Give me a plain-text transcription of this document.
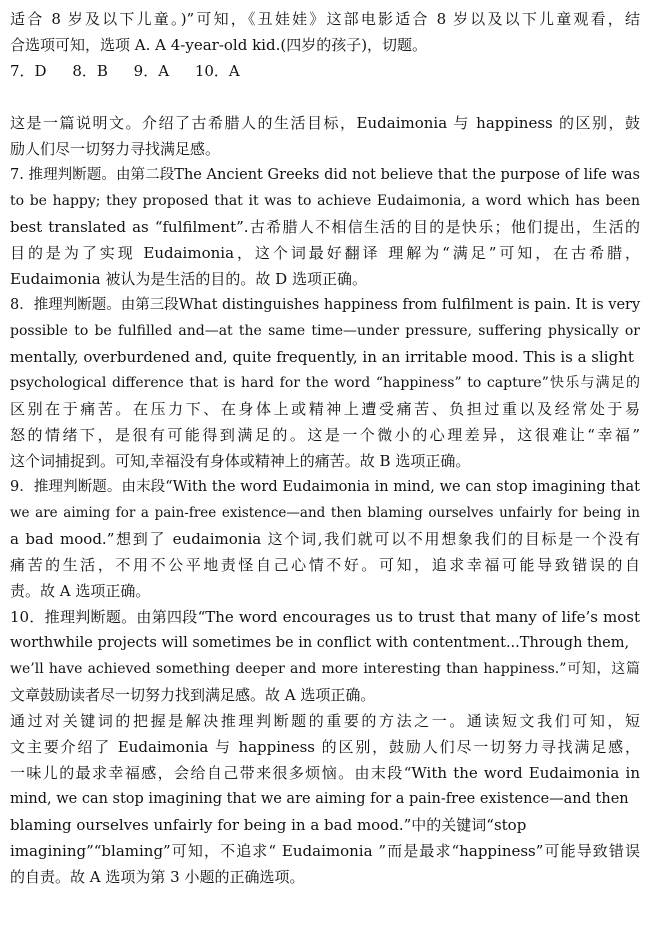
适合 8 岁及以下儿童。)”可知，《丑娃娃》这部电影适合 8 岁以及以下儿童观看，结
合选项可知，选项 A. A 4-year-old kid.(四岁的孩子)，切题。
7．D　 8．B　 9．A　 10．A
这是一篇说明文。介绍了古希腊人的生活目标，Eudaimonia 与 happiness 的区别，鼓
励人们尽一切努力寻找满足感。
7. 推理判断题。由第二段The Ancient Greeks did not believe that the purpose of life was
to be happy; they proposed that it was to achieve Eudaimonia, a word which has been
best translated as “fulfilment”.古希腊人不相信生活的目的是快乐；他们提出，生活的
目的是为了实现 Eudaimonia，这个词最好翻译 理解为“满足”可知，在古希腊，
Eudaimonia 被认为是生活的目的。故 D 选项正确。
8．推理判断题。由第三段What distinguishes happiness from fulfilment is pain. It is very
possible to be fulfilled and—at the same time—under pressure, suffering physically or
mentally, overburdened and, quite frequently, in an irritable mood. This is a slight
psychological difference that is hard for the word “happiness” to capture”快乐与满足的
区别在于痛苦。在压力下、在身体上或精神上遭受痛苦、负担过重以及经常处于易
怒的情绪下，是很有可能得到满足的。这是一个微小的心理差异，这很难让“幸福”
这个词捕捉到。可知,幸福没有身体或精神上的痛苦。故 B 选项正确。
9．推理判断题。由末段“With the word Eudaimonia in mind, we can stop imagining that
we are aiming for a pain-free existence—and then blaming ourselves unfairly for being in
a bad mood.”想到了 eudaimonia 这个词,我们就可以不用想象我们的目标是一个没有
痛苦的生活，不用不公平地责怪自己心情不好。可知，追求幸福可能导致错误的自
责。故 A 选项正确。
10．推理判断题。由第四段“The word encourages us to trust that many of life’s most
worthwhile projects will sometimes be in conflict with contentment...Through them,
we’ll have achieved something deeper and more interesting than happiness.”可知，这篇
文章鼓励读者尽一切努力找到满足感。故 A 选项正确。
通过对关键词的把握是解决推理判断题的重要的方法之一。通读短文我们可知，短
文主要介绍了 Eudaimonia 与 happiness 的区别，鼓励人们尽一切努力寻找满足感，
一味儿的最求幸福感，会给自己带来很多烦恼。由末段“With the word Eudaimonia in
mind, we can stop imagining that we are aiming for a pain-free existence—and then
blaming ourselves unfairly for being in a bad mood.”中的关键词“stop
imagining”“blaming”可知，不追求“ Eudaimonia ”而是最求“happiness”可能导致错误
的自责。故 A 选项为第 3 小题的正确选项。
